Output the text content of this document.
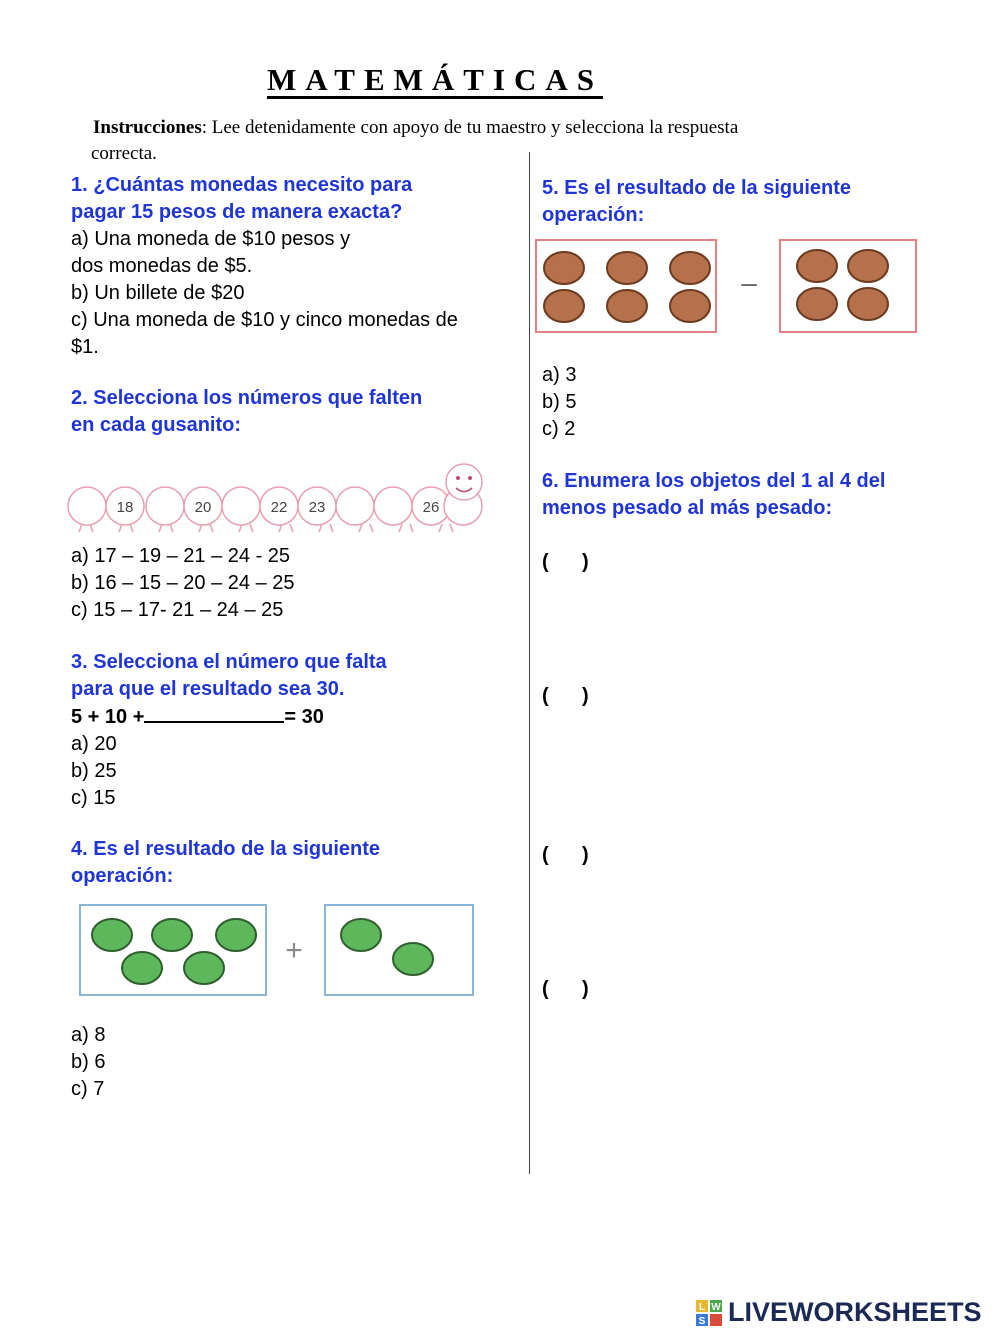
MATEMÁTICAS
Instrucciones: Lee detenidamente con apoyo de tu maestro y selecciona la respuesta
correcta.
1. ¿Cuántas monedas necesito para
pagar 15 pesos de manera exacta?
a) Una moneda de $10 pesos y
dos monedas de $5.
b) Un billete de $20
c) Una moneda de $10 y cinco monedas de
$1.
2. Selecciona los números que falten
en cada gusanito:
18	20	22 23	26
a) 17 – 19 – 21 – 24 - 25
b) 16 – 15 – 20 – 24 – 25
c) 15 – 17- 21 – 24 – 25
3. Selecciona el número que falta
para que el resultado sea 30.
5 + 10 +	= 30
a) 20
b) 25
c) 15
4. Es el resultado de la siguiente
operación:
+
a) 8
b) 6
c) 7
5. Es el resultado de la siguiente
operación:
–
a) 3
b) 5
c) 2
6. Enumera los objetos del 1 al 4 del
menos pesado al más pesado:
(      )
(      )
(      )
(      )
L W
S LIVEWORKSHEETS
